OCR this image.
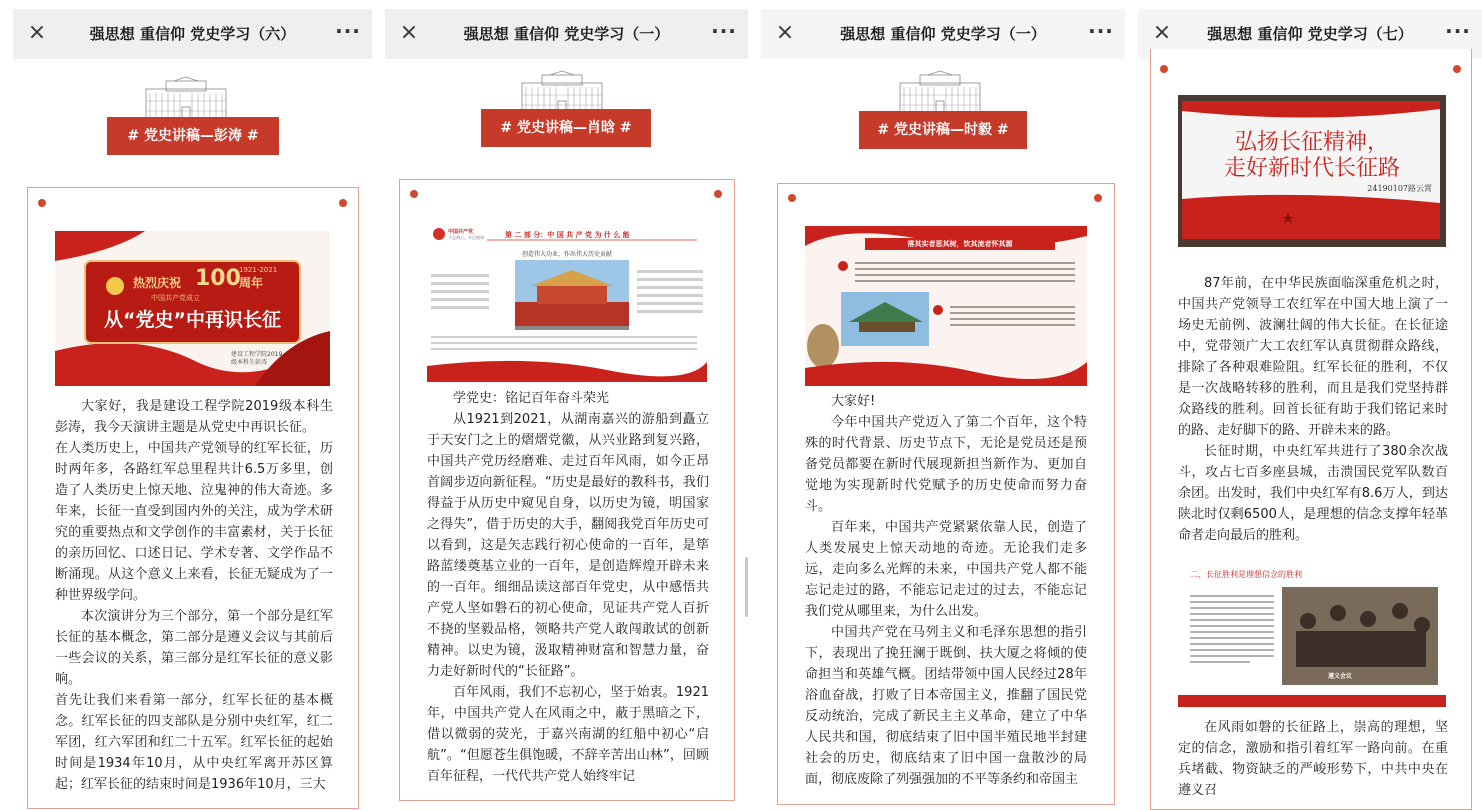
×	强思想 重信仰 党史学习（六）	···
# 党史讲稿—彭涛 #
热烈庆祝 100
周年
1921-2021
中国共产党成立
从“党史”中再识长征
建设工程学院2019
级本科生彭涛

大家好，我是建设工程学院2019级本科生彭涛，我今天演讲主题是从党史中再识长征。

在人类历史上，中国共产党领导的红军长征，历时两年多，各路红军总里程共计6.5万多里，创造了人类历史上惊天地、泣鬼神的伟大奇迹。多年来，长征一直受到国内外的关注，成为学术研究的重要热点和文学创作的丰富素材，关于长征的亲历回忆、口述日记、学术专著、文学作品不断涌现。从这个意义上来看，长征无疑成为了一种世界级学问。

本次演讲分为三个部分，第一个部分是红军长征的基本概念，第二部分是遵义会议与其前后一些会议的关系，第三部分是红军长征的意义影响。

首先让我们来看第一部分，红军长征的基本概念。红军长征的四支部队是分别中央红军，红二军团，红六军团和红二十五军。红军长征的起始时间是1934年10月，从中央红军离开苏区算起；红军长征的结束时间是1936年10月，三大

×	强思想 重信仰 党史学习（一）	···
# 党史讲稿—肖晗 #
中国共产党
不忘初心，牢记使命	第 二 部 分：中 国 共 产 党 为 什 么 能
创造伟大功业、作出伟大历史贡献

学党史：铭记百年奋斗荣光

从1921到2021，从湖南嘉兴的游船到矗立于天安门之上的熠熠党徽，从兴业路到复兴路，中国共产党历经磨难、走过百年风雨，如今正昂首阔步迈向新征程。“历史是最好的教科书，我们得益于从历史中窥见自身，以历史为镜，明国家之得失”，借于历史的大手，翻阅我党百年历史可以看到，这是矢志践行初心使命的一百年，是筚路蓝缕奠基立业的一百年，是创造辉煌开辟未来的一百年。细细品读这部百年党史，从中感悟共产党人坚如磐石的初心使命，见证共产党人百折不挠的坚毅品格，领略共产党人敢闯敢试的创新精神。以史为镜，汲取精神财富和智慧力量，奋力走好新时代的“长征路”。

百年风雨，我们不忘初心，坚于始衷。1921年，中国共产党人在风雨之中，蔽于黑暗之下，借以微弱的荧光，于嘉兴南湖的红船中初心“启航”。“但愿苍生俱饱暖，不辞辛苦出山林”，回顾百年征程，一代代共产党人始终牢记

×	强思想 重信仰 党史学习（一）	···
# 党史讲稿—时毅 #
落其实者思其树，饮其流者怀其源

大家好!

今年中国共产党迈入了第二个百年，这个特殊的时代背景、历史节点下，无论是党员还是预备党员都要在新时代展现新担当新作为、更加自觉地为实现新时代党赋予的历史使命而努力奋斗。

百年来，中国共产党紧紧依靠人民，创造了人类发展史上惊天动地的奇迹。无论我们走多远，走向多么光辉的未来，中国共产党人都不能忘记走过的路，不能忘记走过的过去，不能忘记我们党从哪里来，为什么出发。

中国共产党在马列主义和毛泽东思想的指引下，表现出了挽狂澜于既倒、扶大厦之将倾的使命担当和英雄气概。团结带领中国人民经过28年浴血奋战，打败了日本帝国主义，推翻了国民党反动统治，完成了新民主主义革命，建立了中华人民共和国，彻底结束了旧中国半殖民地半封建社会的历史，彻底结束了旧中国一盘散沙的局面，彻底废除了列强强加的不平等条约和帝国主

×	强思想 重信仰 党史学习（七）	···
弘扬长征精神，
走好新时代长征路
24190107路云霄

87年前，在中华民族面临深重危机之时，中国共产党领导工农红军在中国大地上演了一场史无前例、波澜壮阔的伟大长征。在长征途中，党带领广大工农红军认真贯彻群众路线，排除了各种艰难险阻。红军长征的胜利，不仅是一次战略转移的胜利，而且是我们党坚持群众路线的胜利。回首长征有助于我们铭记来时的路、走好脚下的路、开辟未来的路。

长征时期，中央红军共进行了380余次战斗，攻占七百多座县城，击溃国民党军队数百余团。出发时，我们中央红军有8.6万人，到达陕北时仅剩6500人，是理想的信念支撑年轻革命者走向最后的胜利。

二、长征胜利是理想信念的胜利
遵义会议

在风雨如磐的长征路上，崇高的理想，坚定的信念，激励和指引着红军一路向前。在重兵堵截、物资缺乏的严峻形势下，中共中央在遵义召
